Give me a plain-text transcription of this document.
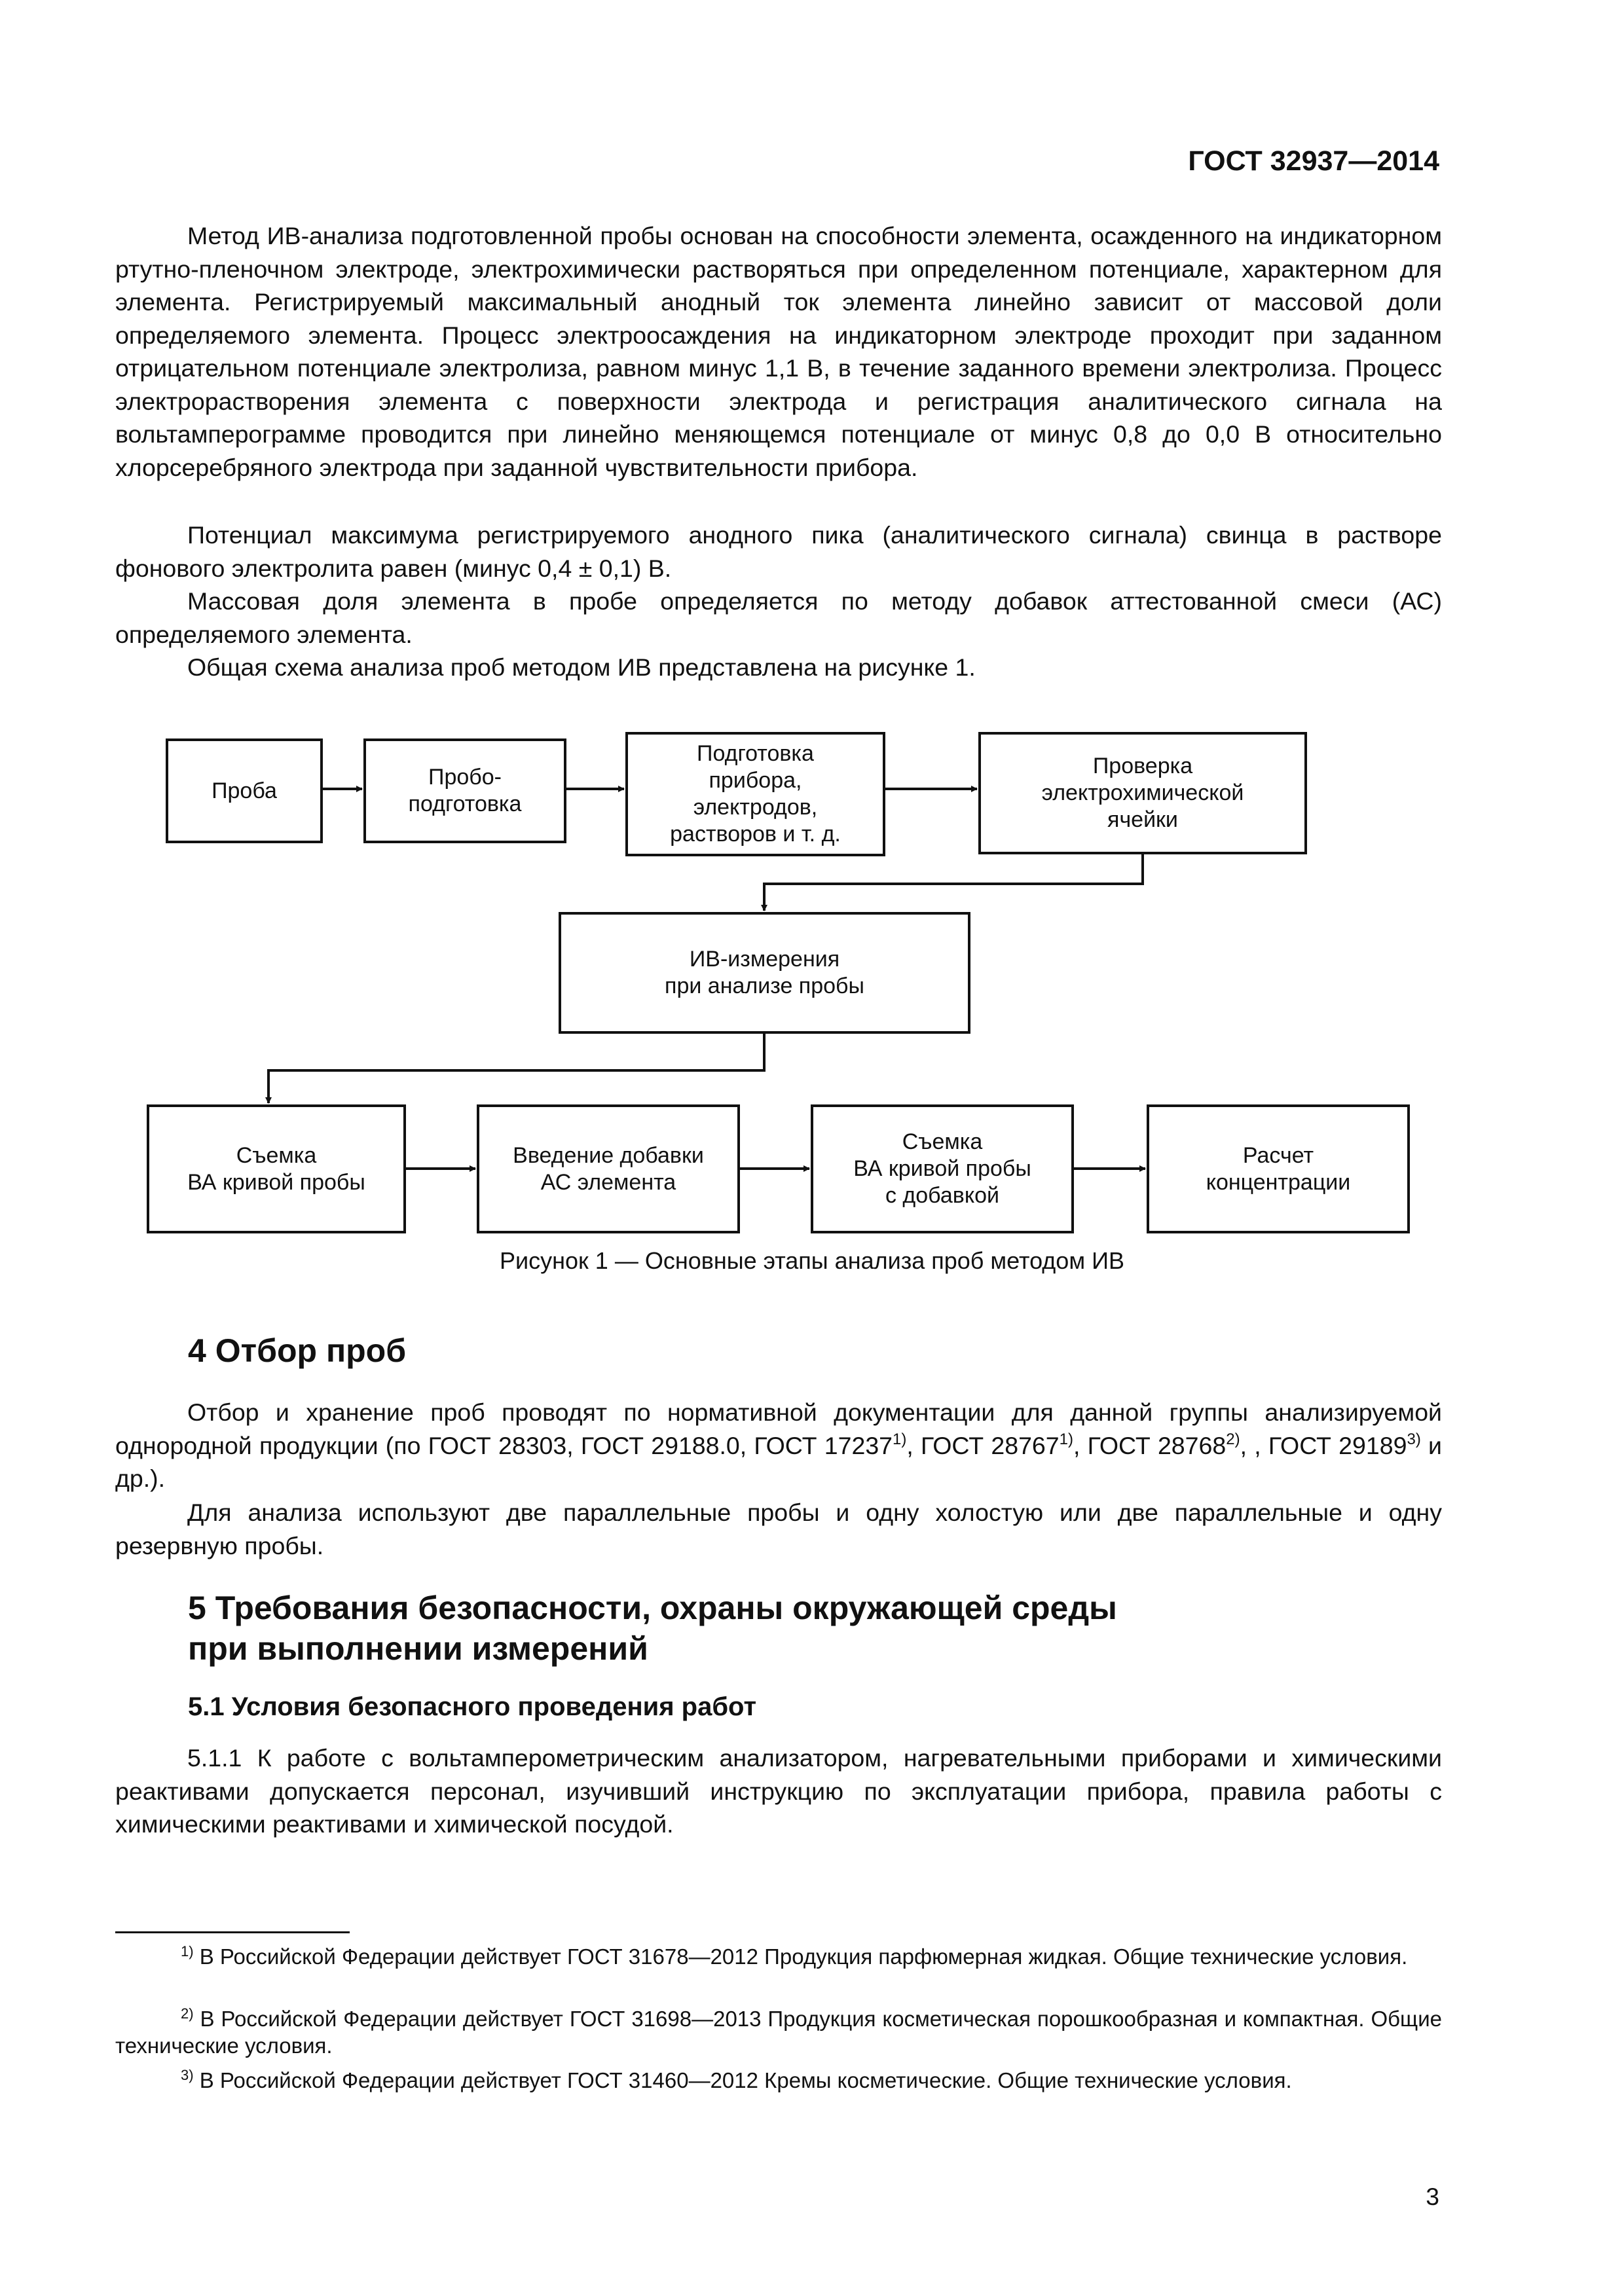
ГОСТ 32937—2014

Метод ИВ-анализа подготовленной пробы основан на способности элемента, осажденного на индикаторном ртутно-пленочном электроде, электрохимически растворяться при определенном потенциале, характерном для элемента. Регистрируемый максимальный анодный ток элемента линейно зависит от массовой доли определяемого элемента. Процесс электроосаждения на индикаторном электроде проходит при заданном отрицательном потенциале электролиза, равном минус 1,1 В, в течение заданного времени электролиза. Процесс электрорастворения элемента с поверхности электрода и регистрация аналитического сигнала на вольтамперограмме проводится при линейно меняющемся потенциале от минус 0,8 до 0,0 В относительно хлорсеребряного электрода при заданной чувствительности прибора.

Потенциал максимума регистрируемого анодного пика (аналитического сигнала) свинца в растворе фонового электролита равен (минус 0,4 ± 0,1) В.

Массовая доля элемента в пробе определяется по методу добавок аттестованной смеси (АС) определяемого элемента.

Общая схема анализа проб методом ИВ представлена на рисунке 1.

Проба
Пробо-
подготовка
Подготовка
прибора,
электродов,
растворов и т. д.
Проверка
электрохимической
ячейки
ИВ-измерения
при анализе пробы
Съемка
ВА кривой пробы
Введение добавки
АС элемента
Съемка
ВА кривой пробы
с добавкой
Расчет
концентрации
Рисунок 1 — Основные этапы анализа проб методом ИВ
4 Отбор проб

Отбор и хранение проб проводят по нормативной документации для данной группы анализируемой однородной продукции (по ГОСТ 28303, ГОСТ 29188.0, ГОСТ 17237$^{1)}$, ГОСТ 28767$^{1)}$, ГОСТ 28768$^{2)}$, , ГОСТ 29189$^{3)}$ и др.).

Для анализа используют две параллельные пробы и одну холостую или две параллельные и одну резервную пробы.

5 Требования безопасности, охраны окружающей среды
при выполнении измерений
5.1 Условия безопасного проведения работ

5.1.1 К работе с вольтамперометрическим анализатором, нагревательными приборами и химическими реактивами допускается персонал, изучивший инструкцию по эксплуатации прибора, правила работы с химическими реактивами и химической посудой.

$^{1)}$ В Российской Федерации действует ГОСТ 31678—2012 Продукция парфюмерная жидкая. Общие технические условия.

$^{2)}$ В Российской Федерации действует ГОСТ 31698—2013 Продукция косметическая порошкообразная и компактная. Общие технические условия.

$^{3)}$ В Российской Федерации действует ГОСТ 31460—2012 Кремы косметические. Общие технические условия.

3
